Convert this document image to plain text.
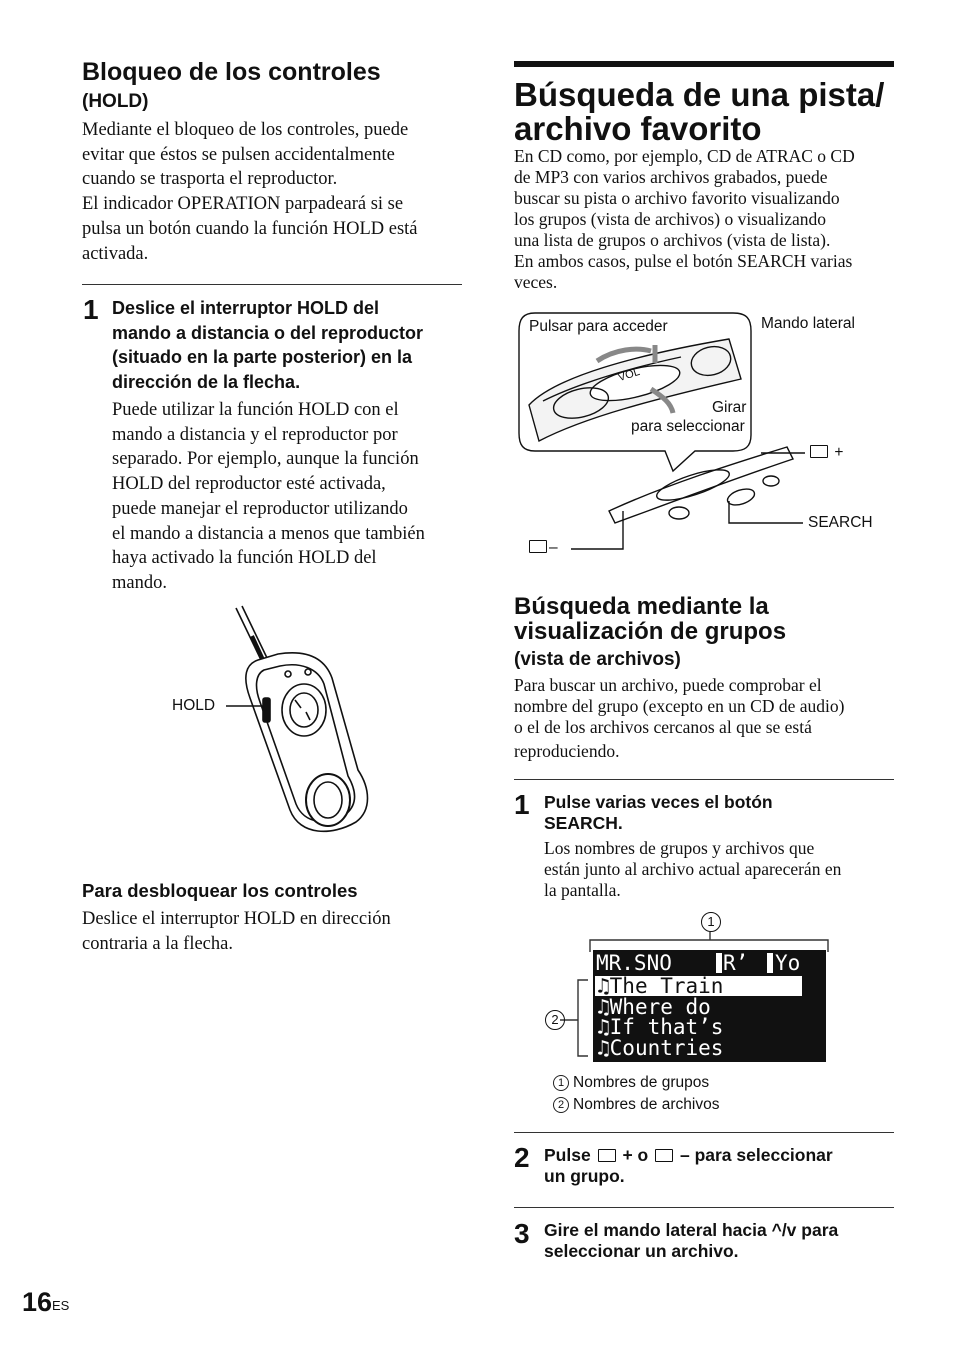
Bloqueo de los controles
(HOLD)
Mediante el bloqueo de los controles, puede
evitar que éstos se pulsen accidentalmente
cuando se trasporta el reproductor.
El indicador OPERATION parpadeará si se
pulsa un botón cuando la función HOLD está
activada.
1 Deslice el interruptor HOLD del
mando a distancia o del reproductor
(situado en la parte posterior) en la
dirección de la flecha.
Puede utilizar la función HOLD con el
mando a distancia y el reproductor por
separado. Por ejemplo, aunque la función
HOLD del reproductor esté activada,
puede manejar el reproductor utilizando
el mando a distancia a menos que también
haya activado la función HOLD del
mando.
HOLD
Para desbloquear los controles
Deslice el interruptor HOLD en dirección
contraria a la flecha.
Búsqueda de una pista/
archivo favorito
En CD como, por ejemplo, CD de ATRAC o CD
de MP3 con varios archivos grabados, puede
buscar su pista o archivo favorito visualizando
los grupos (vista de archivos) o visualizando
una lista de grupos o archivos (vista de lista).
En ambos casos, pulse el botón SEARCH varias
veces.
Pulsar para acceder	Mando lateral
Girar
para seleccionar
VOL
+
SEARCH
–
Búsqueda mediante la
visualización de grupos
(vista de archivos)
Para buscar un archivo, puede comprobar el
nombre del grupo (excepto en un CD de audio)
o el de los archivos cercanos al que se está
reproduciendo.
1 Pulse varias veces el botón
SEARCH.
Los nombres de grupos y archivos que
están junto al archivo actual aparecerán en
la pantalla.
1
2
MR.SNO	R’	Yo
♫The Train
♫Where do
♫If that’s
♫Countries
1 Nombres de grupos
2 Nombres de archivos
2 Pulse + o – para seleccionar
un grupo.
3 Gire el mando lateral hacia ^/v para
seleccionar un archivo.
16 ES
